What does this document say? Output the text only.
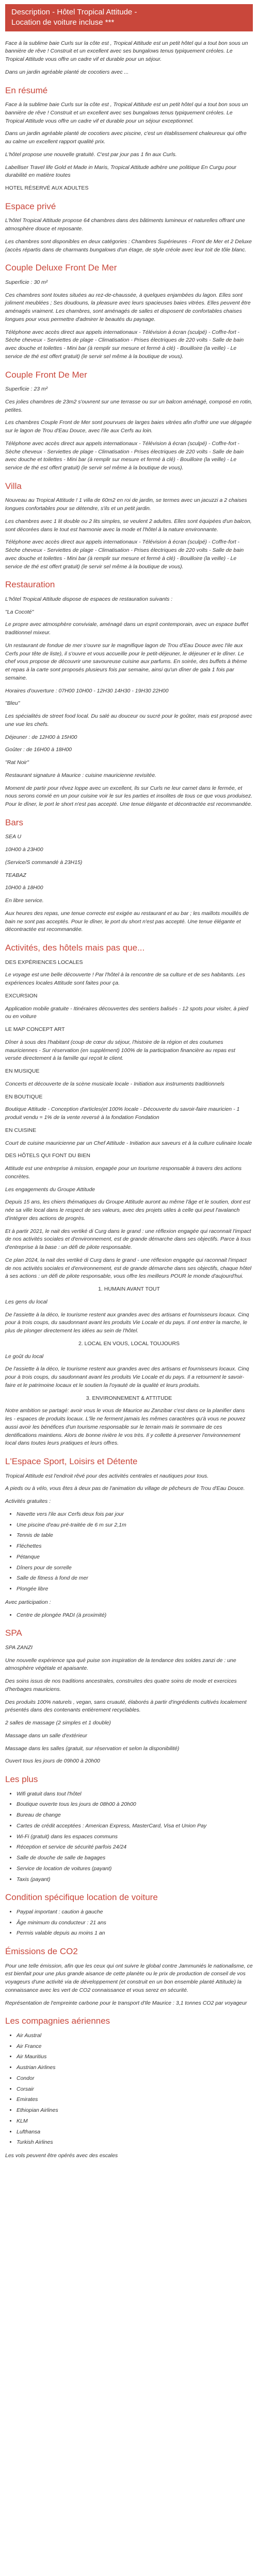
Description - Hôtel Tropical Attitude -
Location de voiture incluse ***

Face à la sublime baie Curls sur la côte est , Tropical Attitude est un petit hôtel qui a tout bon sous un bannière de rêve ! Construit et un excellent avec ses bungalows tenus typiquement créoles. Le Tropical Attitude vous offre un cadre vif et durable pour un séjour.

Dans un jardin agréable planté de cocotiers avec ...

En résumé

Face à la sublime baie Curls sur la côte est , Tropical Attitude est un petit hôtel qui a tout bon sous un bannière de rêve ! Construit et un excellent avec ses bungalows tenus typiquement créoles. Le Tropical Attitude vous offre un cadre vif et durable pour un séjour exceptionnel.

Dans un jardin agréable planté de cocotiers avec piscine, c'est un établissement chaleureux qui offre au calme un excellent rapport qualité prix.

L'hôtel propose une nouvelle gratuité. C'est par jour pas 1 fin aux Curls.

Labelliser Travel life Gold et Made in Maris, Tropical Attitude adhère une politique En Curgu pour durabilité en matière toutes

HOTEL RÉSERVÉ AUX ADULTES

Espace privé

L'hôtel Tropical Attitude propose 64 chambres dans des bâtiments lumineux et naturelles offrant une atmosphère douce et reposante.

Les chambres sont disponibles en deux catégories : Chambres Supérieures - Front de Mer et 2 Deluxe (accès répartis dans de charmants bungalows d'un étage, de style créole avec leur toit de tôle blanc.

Couple Deluxe Front De Mer

Superficie : 30 m²

Ces chambres sont toutes situées au rez-de-chaussée, à quelques enjambées du lagon. Elles sont joliment meublées ; Ses doudouns, la pleasure avec leurs spacieuses baies vitrées. Elles peuvent être aménagés vraiment. Les chambres, sont aménagés de salles et disposent de confortables chaises longues pour vous permettre d'admirer le beautés du paysage.

Téléphone avec accès direct aux appels internationaux - Télévision à écran (sculpé) - Coffre-fort - Sèche cheveux - Serviettes de plage - Climatisation - Prises électriques de 220 volts - Salle de bain avec douche et toilettes - Mini bar (à remplir sur mesure et fermé à clé) - Bouilloire (la veille) - Le service de thé est offert gratuit) (le servir sel même à la boutique de vous).

Couple Front De Mer

Superficie : 23 m²

Ces jolies chambres de 23m2 s'ouvrent sur une terrasse ou sur un balcon aménagé, composé en rotin, petites.

Les chambres Couple Front de Mer sont pourvues de larges baies vitrées afin d'offrir une vue dégagée sur le lagon de Trou d'Eau Douce, avec l'ile aux Cerfs au loin.

Téléphone avec accès direct aux appels internationaux - Télévision à écran (sculpé) - Coffre-fort - Sèche cheveux - Serviettes de plage - Climatisation - Prises électriques de 220 volts - Salle de bain avec douche et toilettes - Mini bar (à remplir sur mesure et fermé à clé) - Bouilloire (la veille) - Le service de thé est offert gratuit) (le servir sel même à la boutique de vous).

Villa

Nouveau au Tropical Attitude ! 1 villa de 60m2 en roi de jardin, se termes avec un jacuzzi a 2 chaises longues confortables pour se détendre, s'ils et un petit jardin.

Les chambres avec 1 lit double ou 2 lits simples, se veulent 2 adultes. Elles sont équipées d'un balcon, sont décorées dans le tout est harmonie avec la mode et l'hôtel à la nature environnante.

Téléphone avec accès direct aux appels internationaux - Télévision à écran (sculpé) - Coffre-fort - Sèche cheveux - Serviettes de plage - Climatisation - Prises électriques de 220 volts - Salle de bain avec douche et toilettes - Mini bar (à remplir sur mesure et fermé à clé) - Bouilloire (la veille) - Le service de thé est offert gratuit) (le servir sel même à la boutique de vous).

Restauration

L'hôtel Tropical Attitude dispose de espaces de restauration suivants :

"La Cocoté"

Le propre avec atmosphère conviviale, aménagé dans un esprit contemporain, avec un espace buffet traditionnel mixeur.

Un restaurant de fondue de mer s'ouvre sur le magnifique lagon de Trou d'Eau Douce avec l'ile aux Cerfs pour tête de liste), il s'ouvre et vous accueille pour le petit-déjeuner, le déjeuner et le dîner. Le chef vous propose de découvrir une savoureuse cuisine aux parfums. En soirée, des buffets à thème et repas à la carte sont proposés plusieurs fois par semaine, ainsi qu'un dîner de gala 1 fois par semaine.

Horaires d'ouverture : 07H00 10H00 - 12H30 14H30 - 19H30 22H00

"Bleu"

Les spécialités de street food local. Du salé au douceur ou sucré pour le goûter, mais est proposé avec une vue les chefs.

Déjeuner : de 12H00 à 15H00

Goûter : de 16H00 à 18H00

"Rat Noir"

Restaurant signature à Maurice : cuisine mauricienne revisitée.

Moment de partir pour rêvez loppe avec un excellent, lls sur Curls ne leur carnet dans le fermée, et nous serons convié en un pour cuisine voir le sur les parties et insolites de tous ce que vous produisez. Pour le dîner, le port le short n'est pas accepté. Une tenue élégante et décontractée est recommandée.

Bars

SEA U

10H00 à 23H00

(Service/S commandé à 23H15)

TEABAZ

10H00 à 18H00

En libre service.

Aux heures des repas, une tenue correcte est exigée au restaurant et au bar ; les maillots mouillés de bain ne sont pas acceptés. Pour le dîner, le port du short n'est pas accepté. Une tenue élégante et décontractée est recommandée.

Activités, des hôtels mais pas que...

DES EXPÉRIENCES LOCALES

Le voyage est une belle découverte ! Par l'hôtel à la rencontre de sa culture et de ses habitants. Les expériences locales Attitude sont faites pour ça.

EXCURSION

Application mobile gratuite - Itinéraires découvertes des sentiers balisés - 12 spots pour visiter, à pied ou en voiture

LE MAP CONCEPT ART

Dîner à sous des l'habitant (coup de cœur du séjour, l'histoire de la région et des coutumes mauriciennes - Sur réservation (en supplément) 100% de la participation financière au repas est versée directement à la famille qui reçoit le client.

EN MUSIQUE

Concerts et découverte de la scène musicale locale - Initiation aux instruments traditionnels

EN BOUTIQUE

Boutique Attitude - Conception d'articles(et 100% locale - Découverte du savoir-faire mauricien - 1 produit vendu = 1% de la vente reversé à la fondation Fondation

EN CUISINE

Court de cuisine mauricienne par un Chef Attitude - Initiation aux saveurs et à la culture culinaire locale

DES HÔTELS QUI FONT DU BIEN

Attitude est une entreprise à mission, engagée pour un tourisme responsable à travers des actions concrètes.

Les engagements du Groupe Attitude

Depuis 15 ans, les chiers thématiques du Groupe Attitude auront au même l'âge et le soutien, dont est née sa ville local dans le respect de ses valeurs, avec des projets utiles à celle qui peut l'avalanch d'intégrer des actions de progrès.

Et à partir 2021, le nait des vertiké di Curg dans le grand : une réflexion engagée qui raconnait l'impact de nos activités sociales et d'environnement, est de grande démarche dans ses objectifs. Parce à tous d'entreprise à la base : un défi de pilote responsable.

Ce plan 2024, la nait des vertiké di Curg dans le grand - une réflexion engagée qui raconnait l'impact de nos activités sociales et d'environnement, est de grande démarche dans ses objectifs, chaque hôtel à ses actions : un défi de pilote responsable, vous offre les meilleurs POUR le monde d'aujourd'hui.

1. HUMAIN AVANT TOUT

Les gens du local

De l'assiette à la déco, le tourisme restent aux grandes avec des artisans et fournisseurs locaux. Cinq pour à trois coups, du saudonnant avant les produits Vie Locale et du pays. Il ont entrer la marche, le plus de plonger directement les idées au sein de l'hôtel.

2. LOCAL EN VOUS, LOCAL TOUJOURS

Le goût du local

De l'assiette à la déco, le tourisme restent aux grandes avec des artisans et fournisseurs locaux. Cinq pour à trois coups, du saudonnant avant les produits Vie Locale et du pays. Il a retournent le savoir-faire et le patrimoine locaux et le soutien la l'oyauté de la qualité et leurs produits.

3. ENVIRONNEMENT & ATTITUDE

Notre ambition se partagé: avoir vous le vous de Maurice au Zanzibar c'est dans ce la planifier dans les - espaces de produits locaux. L'île ne ferment jamais les mêmes caractères qu'à vous ne pouvez aussi avoir les bénéfices d'un tourisme responsable sur le terrain mais le sommaire de ces dentifications maintiens. Alors de bonne rivière le vos très. Il y collette à preserver l'environnement local dans toutes leurs pratiques et leurs offres.

L'Espace Sport, Loisirs et Détente

Tropical Attitude est l'endroit rêvé pour des activités centrales et nautiques pour tous.

A pieds ou à vélo, vous êtes à deux pas de l'animation du village de pêcheurs de Trou d'Eau Douce.

Activités gratuites :

• Navette vers l'ile aux Cerfs deux fois par jour
• Une piscine d'eau pré-traitée de 6 m sur 2,1m
• Tennis de table
• Fléchettes
• Pétanque
• Dîners pour de sorrelle
• Salle de fitness à fond de mer
• Plongée libre

Avec participation :

• Centre de plongée PADI (à proximité)
SPA

SPA ZANZI

Une nouvelle expérience spa qué puise son inspiration de la tendance des soldes zanzi de : une atmosphère végétale et apaisante.

Des soins issus de nos traditions ancestrales, construites des quatre soins de mode et exercices d'herbages mauriciens.

Des produits 100% naturels , vegan, sans cruauté, élaborés à partir d'ingrédients cultivés localement présentés dans des contenants entièrement recyclables.

2 salles de massage (2 simples et 1 double)

Massage dans un salle d'extérieur

Massage dans les salles (gratuit, sur réservation et selon la disponibilité)

Ouvert tous les jours de 09h00 à 20h00

Les plus
• Wifi gratuit dans tout l'hôtel
• Boutique ouverte tous les jours de 08h00 à 20h00
• Bureau de change
• Cartes de crédit acceptées : American Express, MasterCard, Visa et Union Pay
• Wi-Fi (gratuit) dans les espaces communs
• Réception et service de sécurité parfois 24/24
• Salle de douche de salle de bagages
• Service de location de voitures (payant)
• Taxis (payant)
Condition spécifique location de voiture
• Paypal important : caution à gauche
• Âge minimum du conducteur : 21 ans
• Permis valable depuis au moins 1 an
Émissions de CO2

Pour une telle émission, afin que les ceux qui ont suivre le global contre Jammuniés le nationalisme, ce est bienfait pour une plus grande aisance de cette planète ou le prix de production de conseil de vos voyageurs d'une activité via de développement (et construit en un bon ensemble planté Attitude) la connaissance avec les vert de CO2 connaissance et vous serez en sécurité.

Représentation de l'empreinte carbone pour le transport d'Ile Maurice : 3,1 tonnes CO2 par voyageur

Les compagnies aériennes
• Air Austral
• Air France
• Air Mauritius
• Austrian Airlines
• Condor
• Corsair
• Emirates
• Ethiopian Airlines
• KLM
• Lufthansa
• Turkish Airlines

Les vols peuvent être opérés avec des escales
